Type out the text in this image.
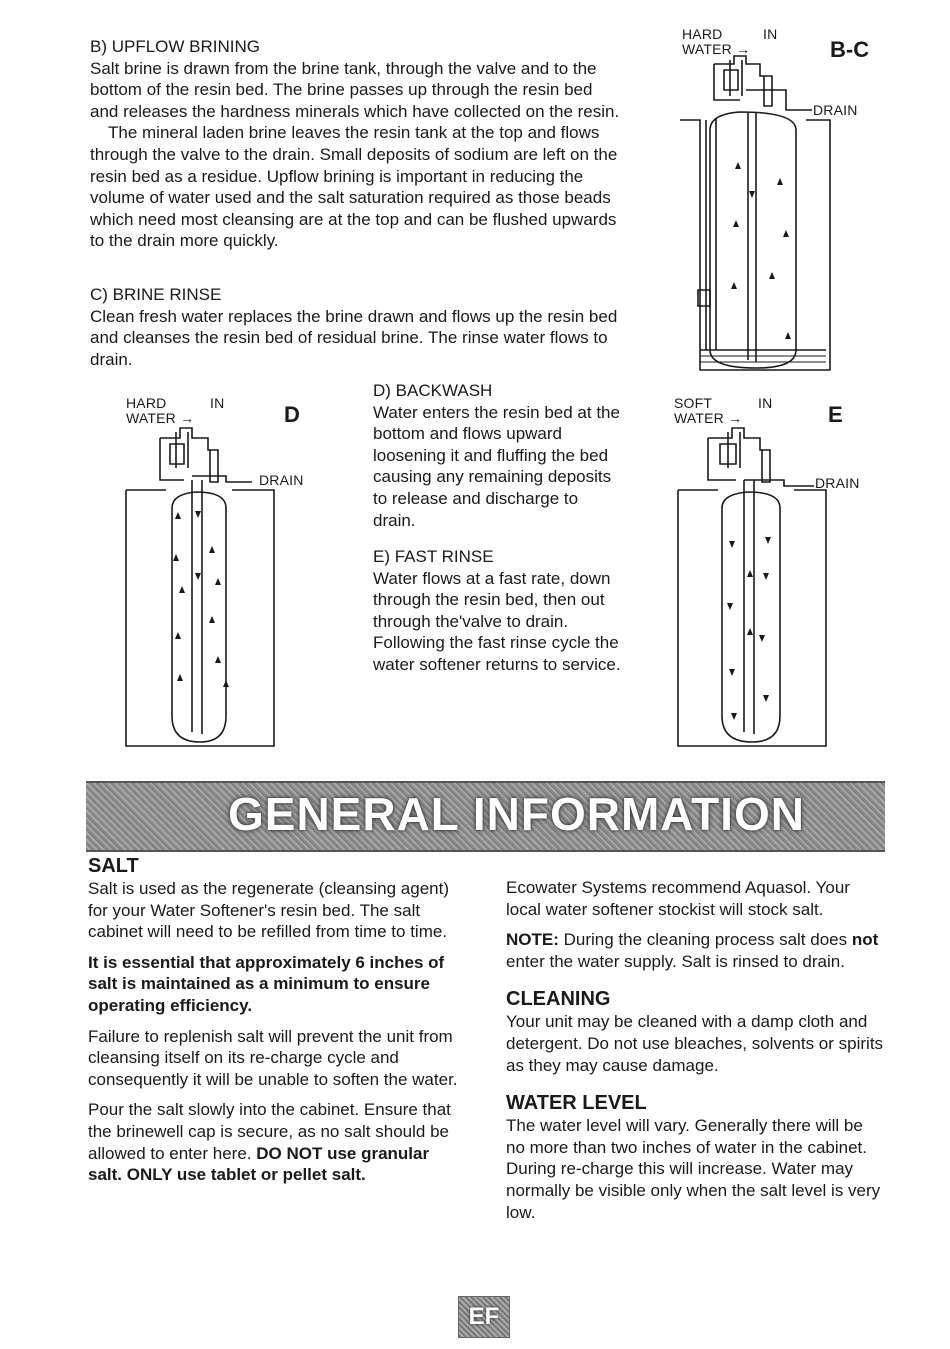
B) UPFLOW BRINING

Salt brine is drawn from the brine tank, through the valve and to the bottom of the resin bed. The brine passes up through the resin bed and releases the hardness minerals which have collected on the resin.

The mineral laden brine leaves the resin tank at the top and flows through the valve to the drain. Small deposits of sodium are left on the resin bed as a residue. Upflow brining is important in reducing the volume of water used and the salt saturation required as those beads which need most cleansing are at the top and can be flushed upwards to the drain more quickly.

C) BRINE RINSE

Clean fresh water replaces the brine drawn and flows up the resin bed and cleanses the resin bed of residual brine. The rinse water flows to drain.

D) BACKWASH

Water enters the resin bed at the bottom and flows upward loosening it and fluffing the bed causing any remaining deposits to release and discharge to drain.

E) FAST RINSE

Water flows at a fast rate, down through the resin bed, then out through the'valve to drain. Following the fast rinse cycle the water softener returns to service.

HARD
WATER →
IN
B-C
DRAIN
HARD
WATER →
IN	D
DRAIN
SOFT
WATER →
IN	E
DRAIN
GENERAL INFORMATION
SALT

Salt is used as the regenerate (cleansing agent) for your Water Softener's resin bed. The salt cabinet will need to be refilled from time to time.

It is essential that approximately 6 inches of salt is maintained as a minimum to ensure operating efficiency.

Failure to replenish salt will prevent the unit from cleansing itself on its re-charge cycle and consequently it will be unable to soften the water.

Pour the salt slowly into the cabinet. Ensure that the brinewell cap is secure, as no salt should be allowed to enter here. DO NOT use granular salt. ONLY use tablet or pellet salt.

Ecowater Systems recommend Aquasol. Your local water softener stockist will stock salt.

NOTE: During the cleaning process salt does not enter the water supply. Salt is rinsed to drain.

CLEANING

Your unit may be cleaned with a damp cloth and detergent. Do not use bleaches, solvents or spirits as they may cause damage.

WATER LEVEL

The water level will vary. Generally there will be no more than two inches of water in the cabinet. During re-charge this will increase. Water may normally be visible only when the salt level is very low.

EF
